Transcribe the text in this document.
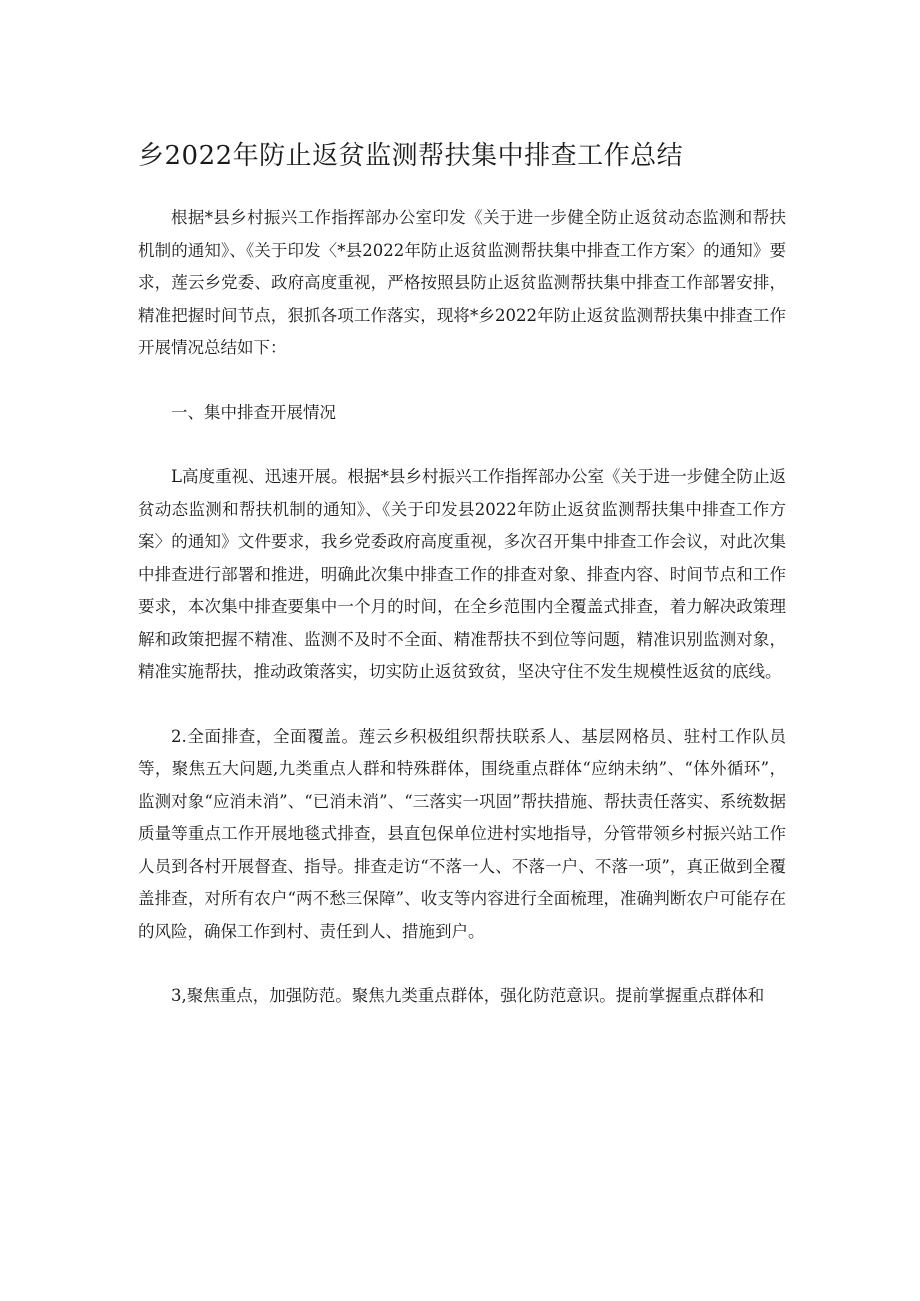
乡2022年防止返贫监测帮扶集中排查工作总结

根据*县乡村振兴工作指挥部办公室印发《关于进一步健全防止返贫动态监测和帮扶机制的通知》、《关于印发〈*县2022年防止返贫监测帮扶集中排查工作方案〉的通知》要求，莲云乡党委、政府高度重视，严格按照县防止返贫监测帮扶集中排查工作部署安排，精准把握时间节点，狠抓各项工作落实，现将*乡2022年防止返贫监测帮扶集中排查工作开展情况总结如下：

一、集中排查开展情况

L高度重视、迅速开展。根据*县乡村振兴工作指挥部办公室《关于进一步健全防止返贫动态监测和帮扶机制的通知》、《关于印发县2022年防止返贫监测帮扶集中排查工作方案〉的通知》文件要求，我乡党委政府高度重视，多次召开集中排查工作会议，对此次集中排查进行部署和推进，明确此次集中排查工作的排查对象、排查内容、时间节点和工作要求，本次集中排查要集中一个月的时间，在全乡范围内全覆盖式排查，着力解决政策理解和政策把握不精准、监测不及时不全面、精准帮扶不到位等问题，精准识别监测对象，精准实施帮扶，推动政策落实，切实防止返贫致贫，坚决守住不发生规模性返贫的底线。

2.全面排查，全面覆盖。莲云乡积极组织帮扶联系人、基层网格员、驻村工作队员等，聚焦五大问题,九类重点人群和特殊群体，围绕重点群体“应纳未纳”、“体外循环”，监测对象“应消未消”、“已消未消”、“三落实一巩固”帮扶措施、帮扶责任落实、系统数据质量等重点工作开展地毯式排查，县直包保单位进村实地指导，分管带领乡村振兴站工作人员到各村开展督查、指导。排查走访“不落一人、不落一户、不落一项”，真正做到全覆盖排查，对所有农户“两不愁三保障”、收支等内容进行全面梳理，准确判断农户可能存在的风险，确保工作到村、责任到人、措施到户。

3,聚焦重点，加强防范。聚焦九类重点群体，强化防范意识。提前掌握重点群体和
